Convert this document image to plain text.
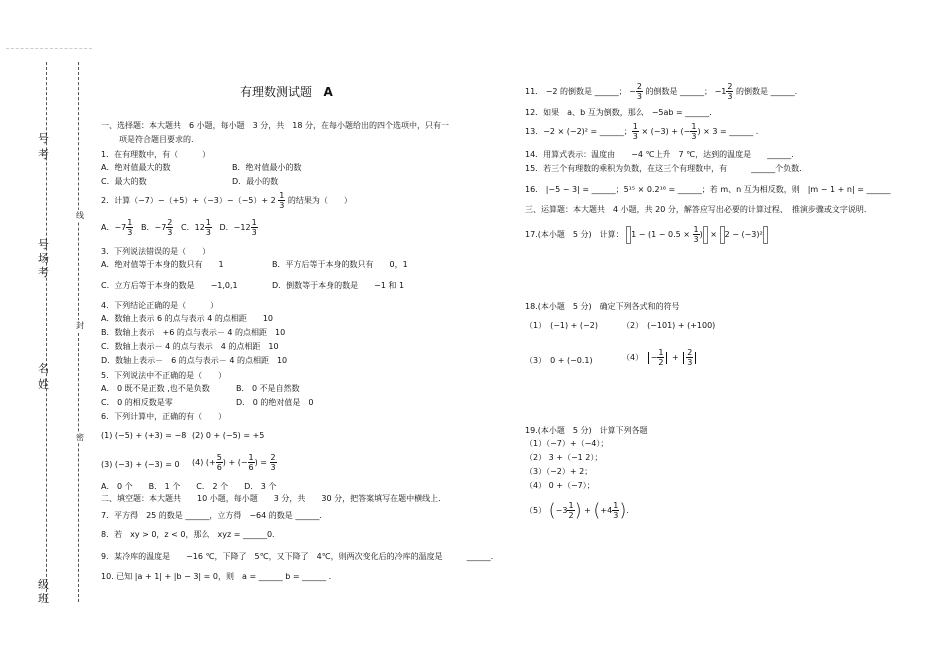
号
考
号
场
考
名
姓
级
班
线
封
密
有理数测试题 A
一、选择题：本大题共　6 小题，每小题　3 分，共　18 分，在每小题给出的四个选项中，只有一
项是符合题目要求的.
1．在有理数中，有（　　　）
A．绝对值最大的数	B．绝对值最小的数
C．最大的数	D．最小的数
2．计算$(-7)-(+5)+(-3)-(-5)+ 2 \frac{1}{3}$ 的结果为（　　）
A．$-7 \frac{1}{3}$ B．$-7 \frac{2}{3}$ C．$12 \frac{1}{3}$ D．$-12 \frac{1}{3}$
3．下列说法错误的是（　　）
A．绝对值等于本身的数只有　　1	B．平方后等于本身的数只有　　0，1
C．立方后等于本身的数是　　−1,0,1	D．倒数等于本身的数是　　−1 和 1
4．下列结论正确的是（　　　）
A．数轴上表示 6 的点与表示 4 的点相距　　10
B．数轴上表示　+6 的点与表示－ 4 的点相距　10
C．数轴上表示－ 4 的点与表示　4 的点相距　10
D．数轴上表示－　6 的点与表示－ 4 的点相距　10
5．下列说法中不正确的是（　　）
A． 0 既不是正数 ,也不是负数	B． 0 不是自然数
C． 0 的相反数是零	D． 0 的绝对值是　0
6．下列计算中，正确的有（　　）
(1) (−5) + (+3) = −8 (2) 0 + (−5) = +5
(3) (−3) + (−3) = 0 (4) (+ $\frac{5}{6}$ ) + (− $\frac{1}{6}$ ) = $\frac{2}{3}$
A． 0 个　　B． 1 个　　C． 2 个　　D． 3 个
二、填空题：本大题共　　10 小题，每小题　　3 分，共　　30 分，把答案填写在题中横线上．
7．平方得　25 的数是 ______，立方得　−64 的数是 ______.
8．若　xy > 0，z < 0，那么　xyz = ______0.
9．某冷库的温度是　　−16 ℃，下降了　5℃，又下降了　4℃，则两次变化后的冷库的温度是　　　______.
10. 已知 |a + 1| + |b − 3| = 0，则　a = ______ b = ______ ．
11． −2 的倒数是 ______； − $\frac{2}{3}$ 的倒数是 ______； $-1 \frac{2}{3}$ 的倒数是 ______.
12．如果　a、b 互为倒数，那么　−5ab = ______.
13．−2 × (−2)² = ______； $\frac{1}{3} \times (-3)$ + (− $\frac{1}{3}$ ) × 3 = ______ .
14．用算式表示：温度由　　−4 ℃上升　7 ℃，达到的温度是　　______.
15．若三个有理数的乘积为负数，在这三个有理数中，有　　　______个负数.
16． |−5 − 3| = ______；5¹⁵ × 0.2¹⁶ = ______；若 m、n 互为相反数，则　|m − 1 + n| = ______
三、运算题：本大题共　4 小题，共 20 分，解答应写出必要的计算过程、　推演步骤或文字说明.
17.(本小题　5 分)　计算： $1 - (1 - 0.5 \times \frac{1}{3}$ ) × 2 − (−3)²
18.(本小题　5 分)　确定下列各式和的符号
（1）　(−1) + (−2)	（2）　(−101) + (+100)
（3）　0 + (−0.1)	$(4) - \frac{1}{2} + \frac{2}{3}$
19.(本小题　5 分)　计算下列各题
（1）（−7）+（−4）；
（2） 3 +（−1 2）；
（3）（−2）+ 2；
（4） 0 +（−7）；
（5） ($-3 \frac{1}{2}$ ) + ($+4 \frac{1}{3}$ ).
